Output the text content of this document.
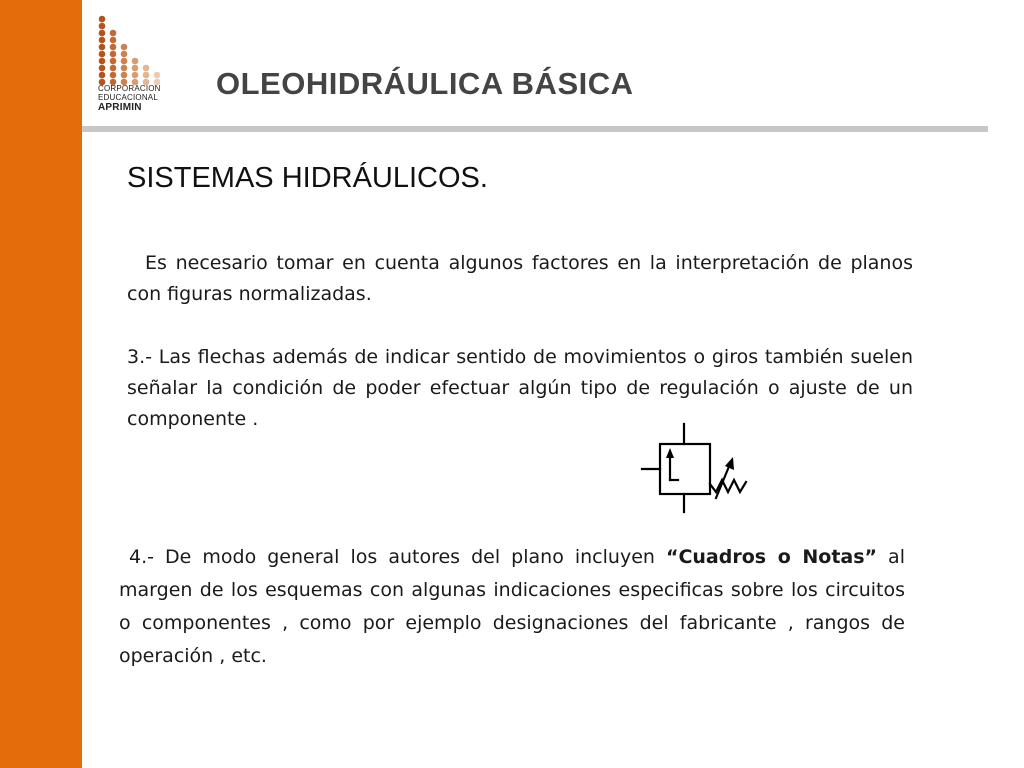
CORPORACION
EDUCACIONAL
APRIMIN
OLEOHIDRÁULICA BÁSICA
SISTEMAS HIDRÁULICOS.
Es necesario tomar en cuenta algunos factores en la interpretación de planos con figuras normalizadas.
3.- Las flechas además de indicar sentido de movimientos o giros también suelen señalar la condición de poder efectuar algún tipo de regulación o ajuste de un componente .
4.- De modo general los autores del plano incluyen “Cuadros o Notas” al margen de los esquemas con algunas indicaciones especificas sobre los circuitos o componentes , como por ejemplo designaciones del fabricante , rangos de operación , etc.
